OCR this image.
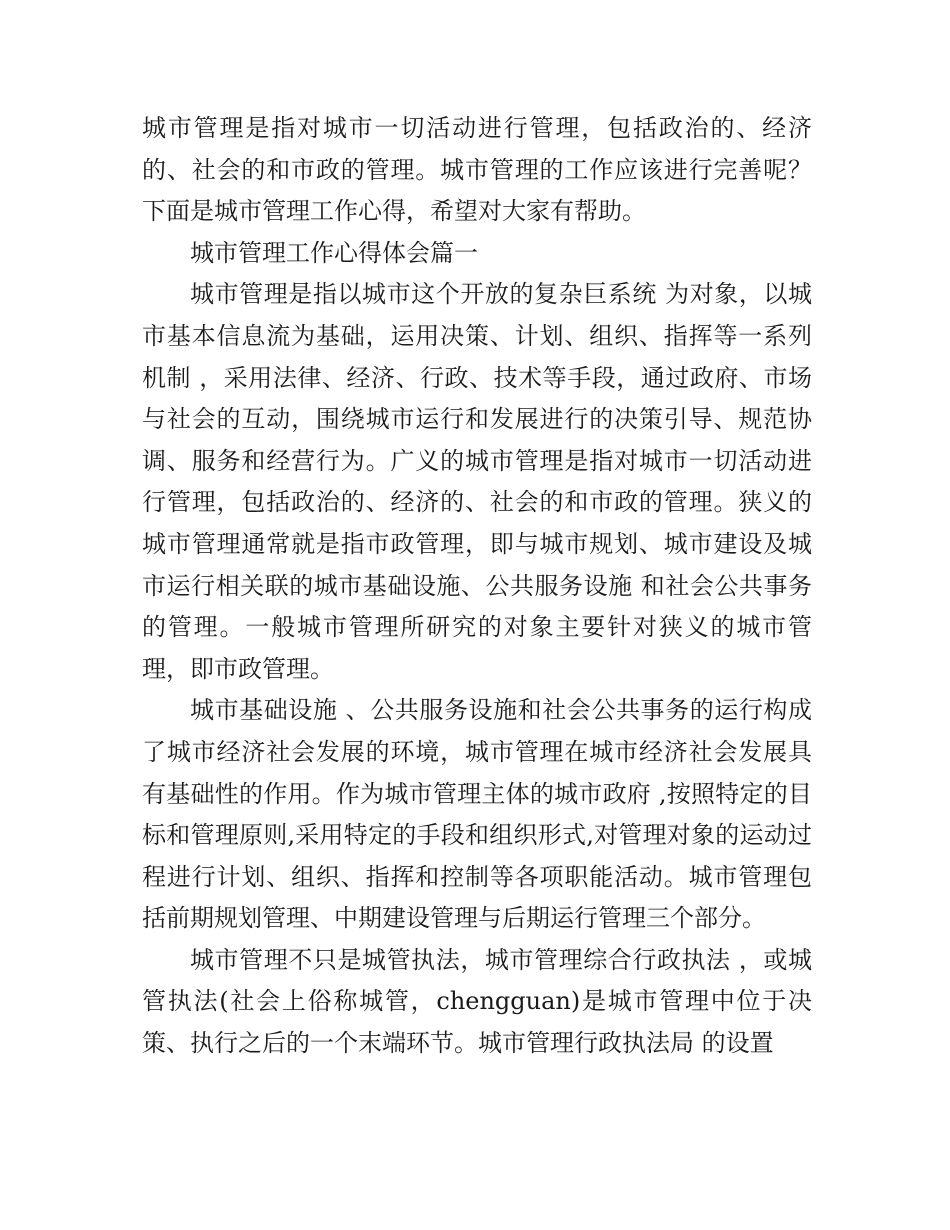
城市管理是指对城市一切活动进行管理，包括政治的、经济的、社会的和市政的管理。城市管理的工作应该进行完善呢？下面是城市管理工作心得，希望对大家有帮助。

城市管理工作心得体会篇一

城市管理是指以城市这个开放的复杂巨系统 为对象，以城市基本信息流为基础，运用决策、计划、组织、指挥等一系列机制 ，采用法律、经济、行政、技术等手段，通过政府、市场与社会的互动，围绕城市运行和发展进行的决策引导、规范协调、服务和经营行为。广义的城市管理是指对城市一切活动进行管理，包括政治的、经济的、社会的和市政的管理。狭义的城市管理通常就是指市政管理，即与城市规划、城市建设及城市运行相关联的城市基础设施、公共服务设施 和社会公共事务的管理。一般城市管理所研究的对象主要针对狭义的城市管理，即市政管理。

城市基础设施 、公共服务设施和社会公共事务的运行构成了城市经济社会发展的环境，城市管理在城市经济社会发展具有基础性的作用。作为城市管理主体的城市政府 ,按照特定的目标和管理原则,采用特定的手段和组织形式,对管理对象的运动过程进行计划、组织、指挥和控制等各项职能活动。城市管理包括前期规划管理、中期建设管理与后期运行管理三个部分。

城市管理不只是城管执法，城市管理综合行政执法 ，或城管执法(社会上俗称城管，chengguan)是城市管理中位于决策、执行之后的一个末端环节。城市管理行政执法局 的设置
